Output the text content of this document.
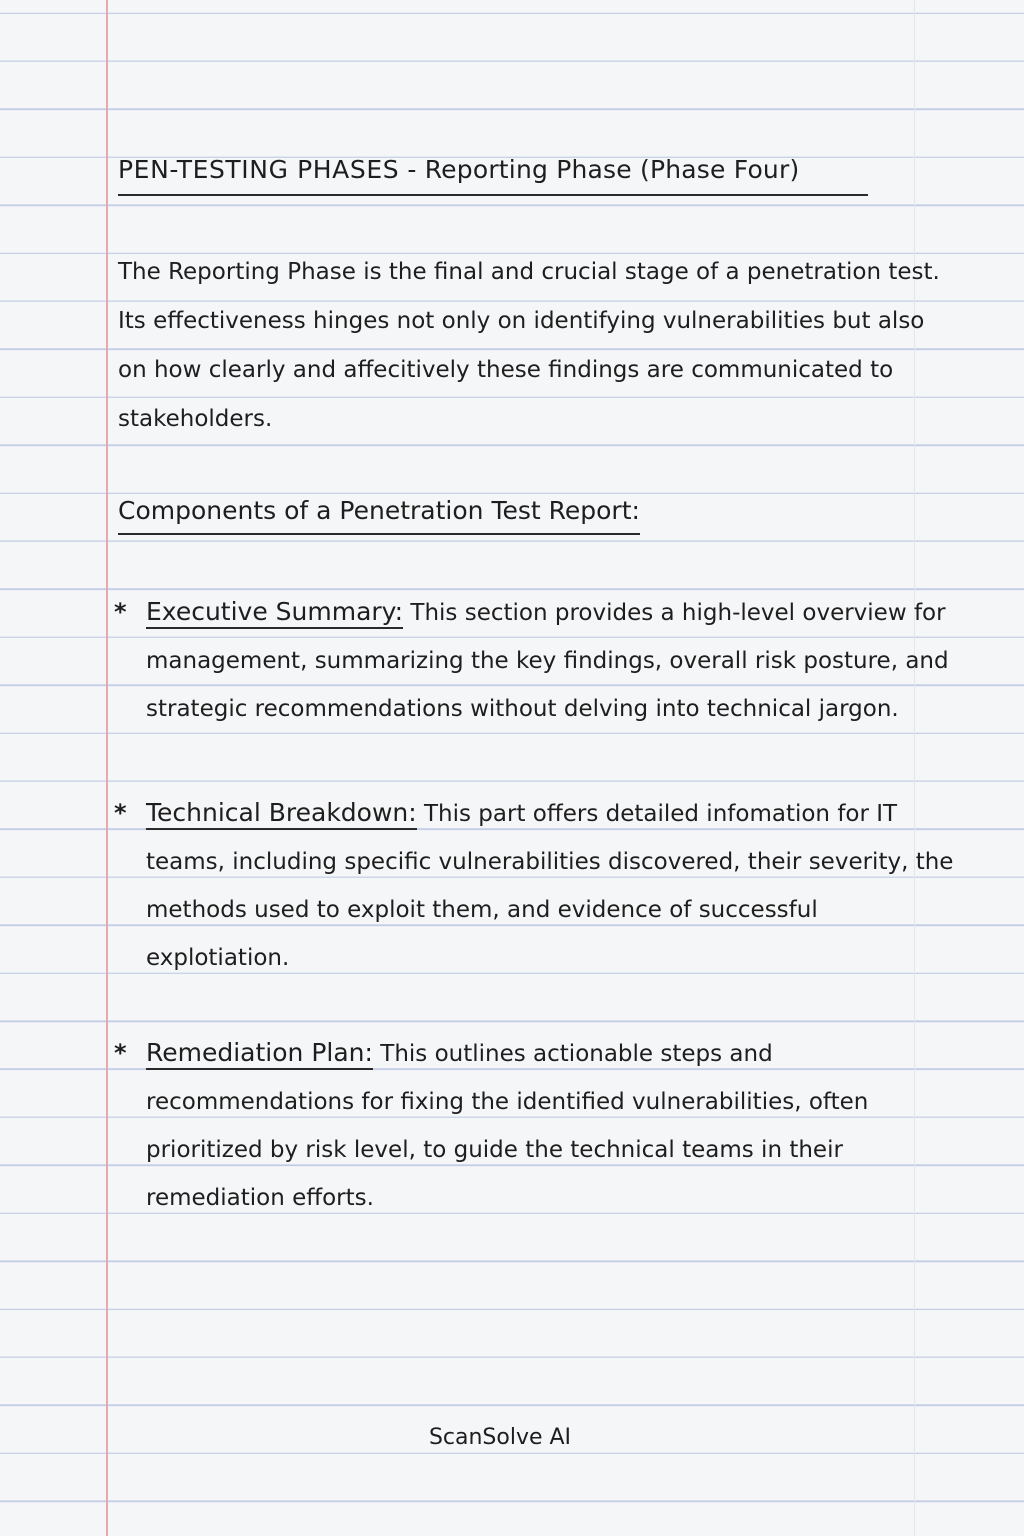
PEN-TESTING PHASES - Reporting Phase (Phase Four)

The Reporting Phase is the final and crucial stage of a penetration test. Its effectiveness hinges not only on identifying vulnerabilities but also on how clearly and affecitively these findings are communicated to stakeholders.

Components of a Penetration Test Report:
* Executive Summary: This section provides a high-level overview for management, summarizing the key findings, overall risk posture, and strategic recommendations without delving into technical jargon.
* Technical Breakdown: This part offers detailed infomation for IT teams, including specific vulnerabilities discovered, their severity, the methods used to exploit them, and evidence of successful explotiation.
* Remediation Plan: This outlines actionable steps and recommendations for fixing the identified vulnerabilities, often prioritized by risk level, to guide the technical teams in their remediation efforts.
ScanSolve AI
